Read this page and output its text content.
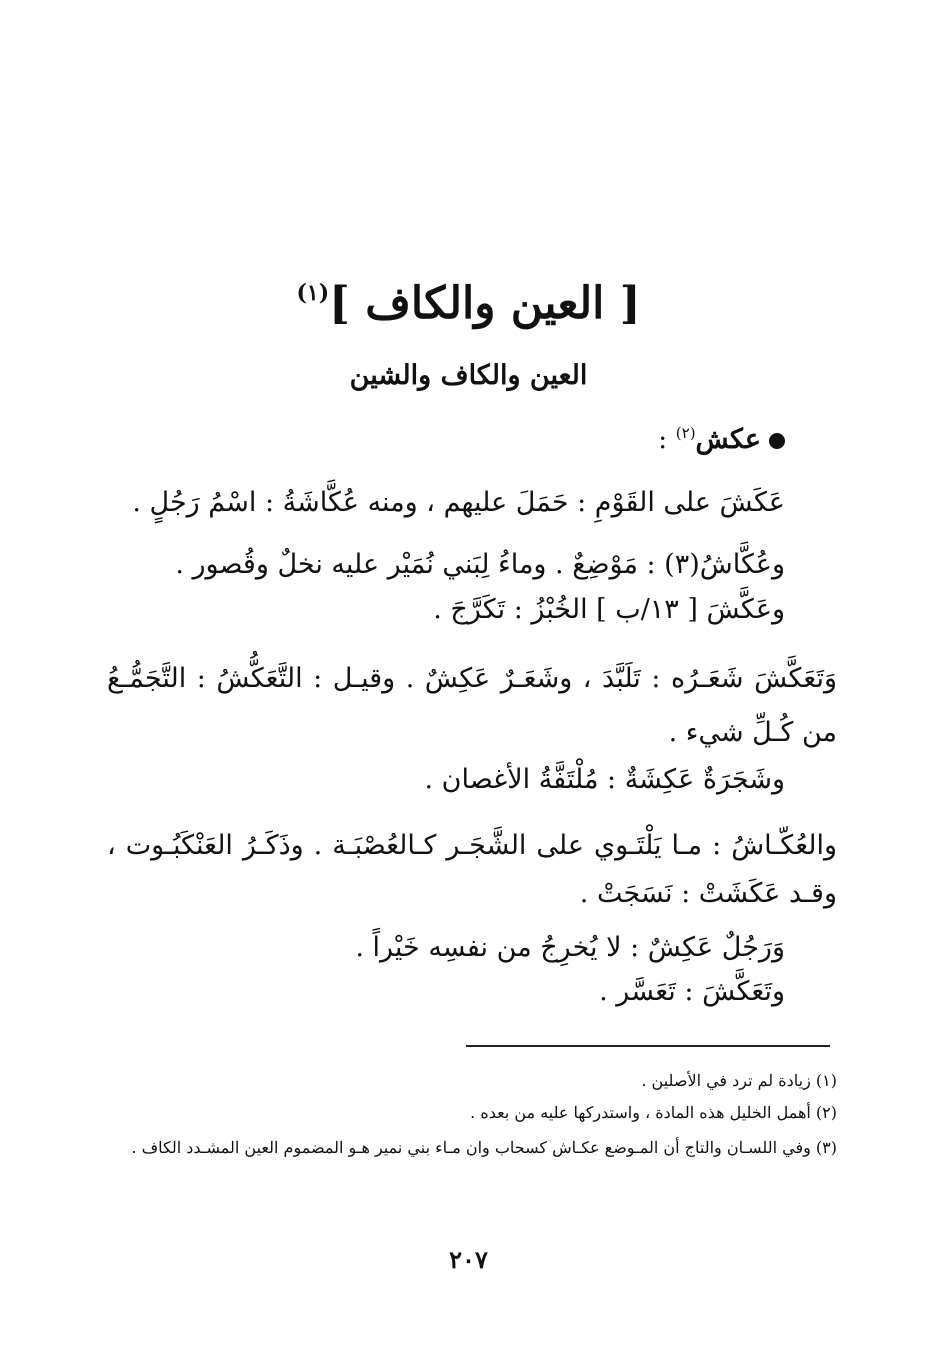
[ العين والكاف ]$^{(١)}$
العين والكاف والشين
عكش$^{(٢)}$ :
عَكَشَ على القَوْمِ : حَمَلَ عليهم ، ومنه عُكَّاشَةُ : اسْمُ رَجُلٍ .
وعُكَّاشُ(٣) : مَوْضِعٌ . وماءُ لِبَني نُمَيْر عليه نخلٌ وقُصور .
وعَكَّشَ [ ١٣/ب ] الخُبْزُ : تَكَرَّجَ .
وَتَعَكَّشَ شَعَـرُه : تَلَبَّدَ ، وشَعَـرٌ عَكِشٌ . وقيـل : التَّعَكُّشُ : التَّجَمُّـعُ من كُـلِّ شيء .
وشَجَرَةٌ عَكِشَةٌ : مُلْتَفَّةُ الأغصان .
والعُكّـاشُ : مـا يَلْتَـوي على الشَّجَـر كـالعُصْبَـة . وذَكَـرُ العَنْكَبُـوت ، وقـد عَكَشَتْ : نَسَجَتْ .
وَرَجُلٌ عَكِشٌ : لا يُخرِجُ من نفسِه خَيْراً .
وتَعَكَّشَ : تَعَسَّر .
(١) زيادة لم ترد في الأصلين .
(٢) أهمل الخليل هذه المادة ، واستدركها عليه من بعده .
(٣) وفي اللسـان والتاج أن المـوضع عكـاش كسحاب وان مـاء بني نمير هـو المضموم العين المشـدد الكاف .
٢٠٧
